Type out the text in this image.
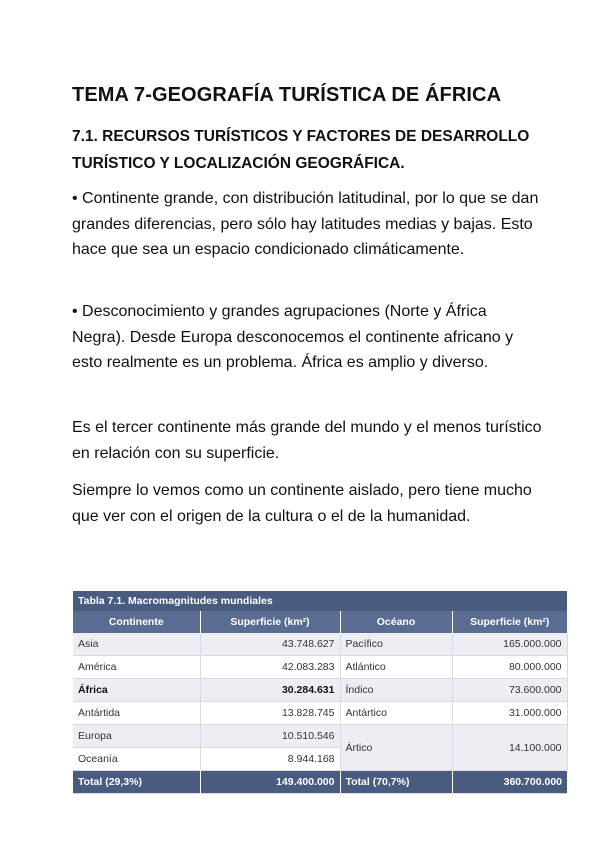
TEMA 7-GEOGRAFÍA TURÍSTICA DE ÁFRICA
7.1. RECURSOS TURÍSTICOS Y FACTORES DE DESARROLLO TURÍSTICO Y LOCALIZACIÓN GEOGRÁFICA.

• Continente grande, con distribución latitudinal, por lo que se dan grandes diferencias, pero sólo hay latitudes medias y bajas. Esto hace que sea un espacio condicionado climáticamente.

• Desconocimiento y grandes agrupaciones (Norte y África Negra). Desde Europa desconocemos el continente africano y esto realmente es un problema. África es amplio y diverso.

Es el tercer continente más grande del mundo y el menos turístico en relación con su superficie.

Siempre lo vemos como un continente aislado, pero tiene mucho que ver con el origen de la cultura o el de la humanidad.

Tabla 7.1. Macromagnitudes mundiales			
Continente	Superficie (km²)	Océano	Superficie (km²)
Asia	43.748.627	Pacífico	165.000.000
América	42.083.283	Atlántico	80.000.000
África	30.284.631	Índico	73.600.000
Antártida	13.828.745	Antártico	31.000.000
Europa	10.510.546	Ártico	14.100.000
Oceanía	8.944.168		
Total (29,3%)	149.400.000	Total (70,7%)	360.700.000
